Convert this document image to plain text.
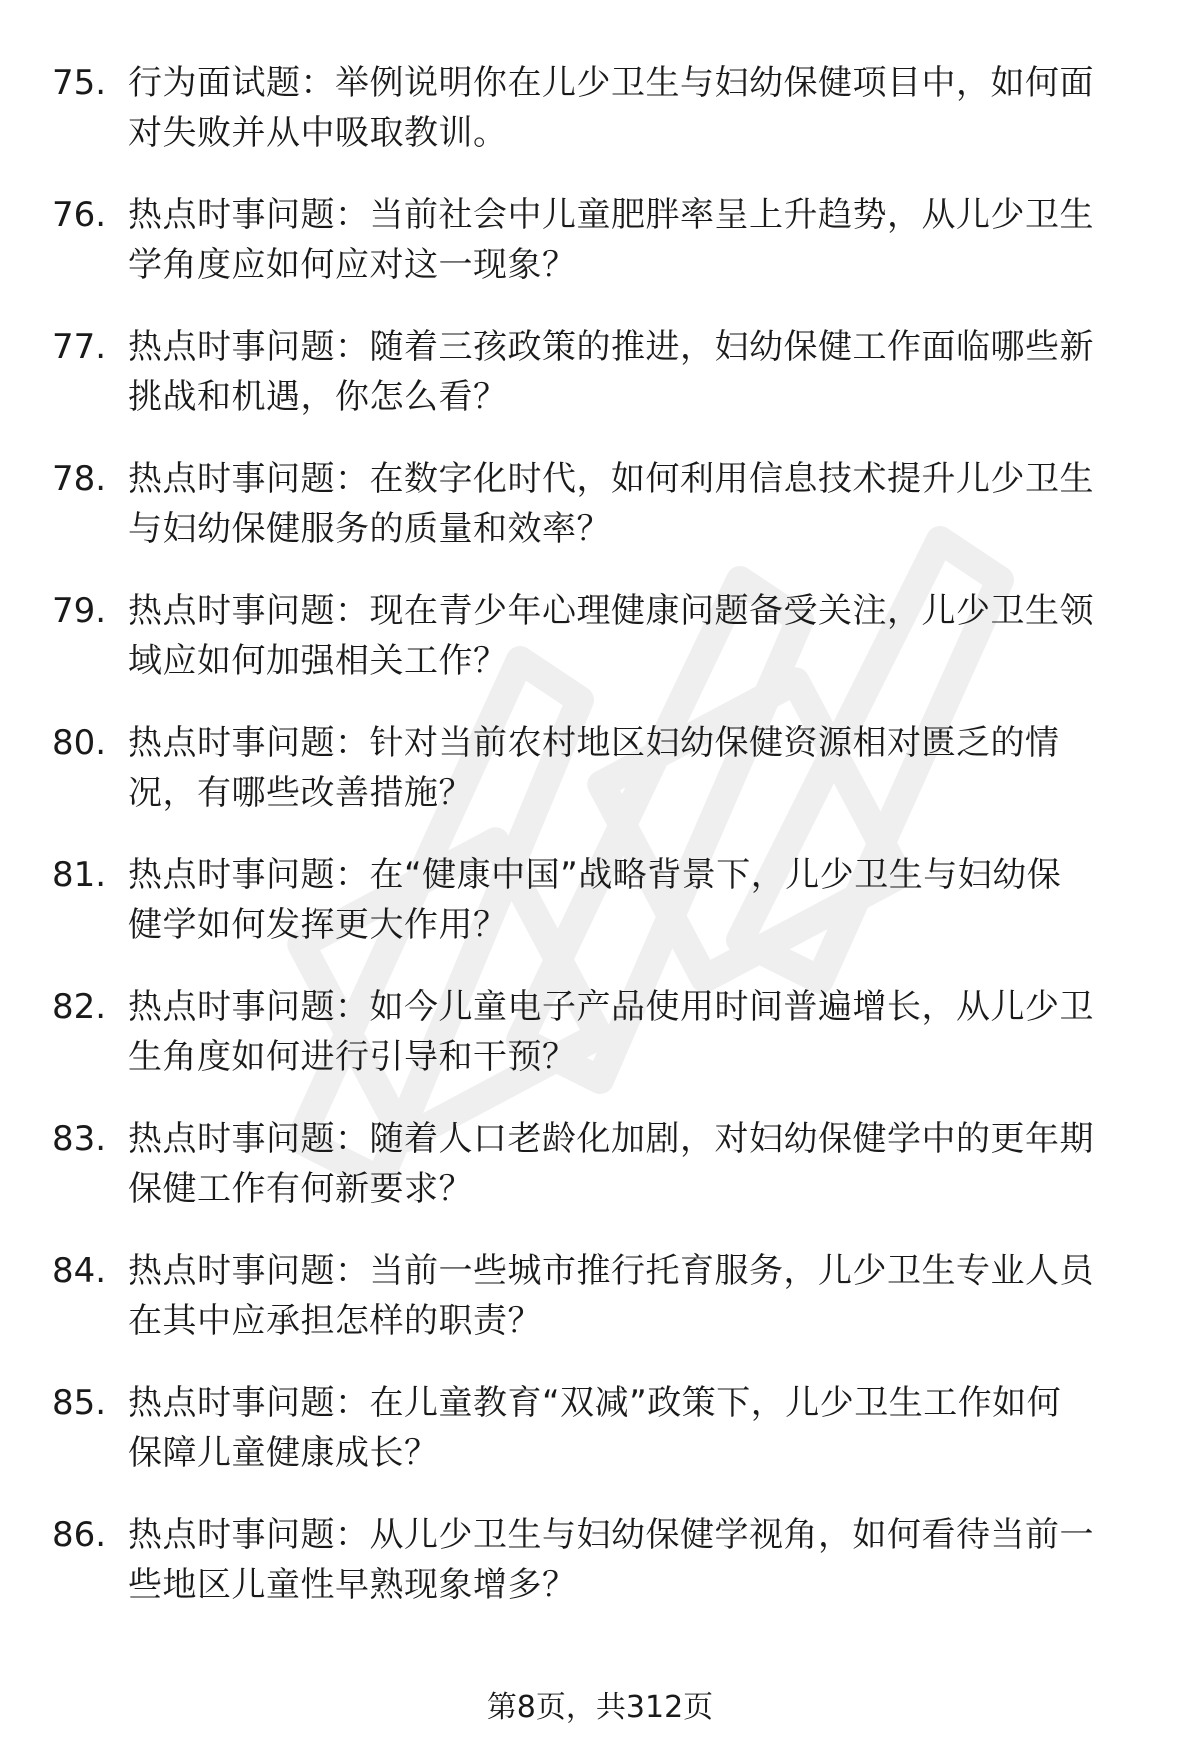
75. 行为面试题：举例说明你在儿少卫生与妇幼保健项目中，如何面
对失败并从中吸取教训。
76. 热点时事问题：当前社会中儿童肥胖率呈上升趋势，从儿少卫生
学角度应如何应对这一现象？
77. 热点时事问题：随着三孩政策的推进，妇幼保健工作面临哪些新
挑战和机遇，你怎么看？
78. 热点时事问题：在数字化时代，如何利用信息技术提升儿少卫生
与妇幼保健服务的质量和效率？
79. 热点时事问题：现在青少年心理健康问题备受关注，儿少卫生领
域应如何加强相关工作？
80. 热点时事问题：针对当前农村地区妇幼保健资源相对匮乏的情
况，有哪些改善措施？
81. 热点时事问题：在“健康中国”战略背景下，儿少卫生与妇幼保
健学如何发挥更大作用？
82. 热点时事问题：如今儿童电子产品使用时间普遍增长，从儿少卫
生角度如何进行引导和干预？
83. 热点时事问题：随着人口老龄化加剧，对妇幼保健学中的更年期
保健工作有何新要求？
84. 热点时事问题：当前一些城市推行托育服务，儿少卫生专业人员
在其中应承担怎样的职责？
85. 热点时事问题：在儿童教育“双减”政策下，儿少卫生工作如何
保障儿童健康成长？
86. 热点时事问题：从儿少卫生与妇幼保健学视角，如何看待当前一
些地区儿童性早熟现象增多？
第8页，共312页
